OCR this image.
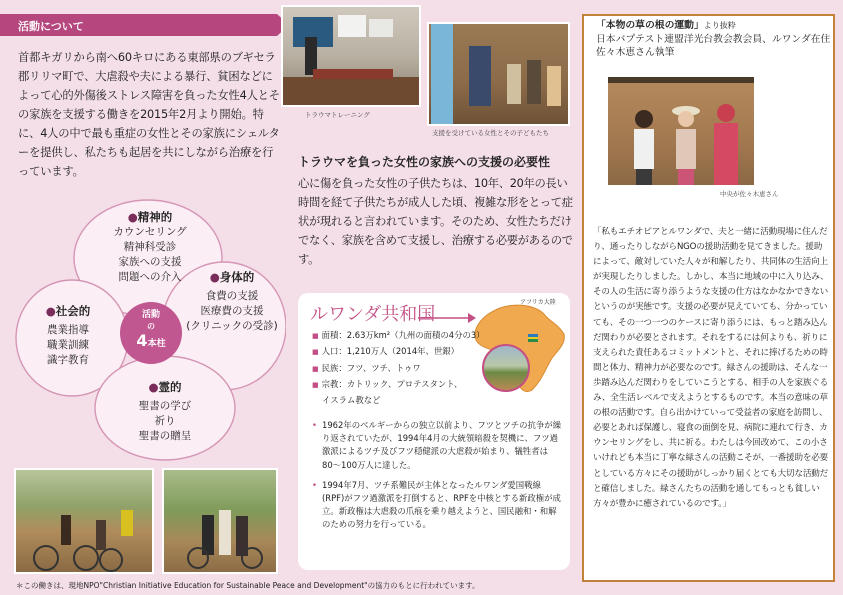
活動について
首都キガリから南へ60キロにある東部県のブギセラ郡リリマ町で、大虐殺や夫による暴行、貧困などによって心的外傷後ストレス障害を負った女性4人とその家族を支援する働きを2015年2月より開始。特に、4人の中で最も重症の女性とその家族にシェルターを提供し、私たちも起居を共にしながら治療を行っています。
活動
の
4本柱
●精神的
カウンセリング
精神科受診
家族への支援
問題への介入	●身体的
食費の支援
医療費の支援
(クリニックの受診)
●社会的
農業指導
職業訓練
識字教育
●霊的
聖書の学び
祈り
聖書の贈呈
トラウマトレーニング
支援を受けている女性とその子どもたち
トラウマを負った女性の家族への支援の必要性
心に傷を負った女性の子供たちは、10年、20年の長い時間を経て子供たちが成人した頃、複雑な形をとって症状が現れると言われています。そのため、女性たちだけでなく、家族を含めて支援し、治療する必要があるのです。
ルワンダ共和国
アフリカ大陸
■ 面積：2.63万km²（九州の面積の4分の3）
■ 人口：1,210万人（2014年、世銀）
■ 民族：フツ、ツチ、トゥワ
■ 宗教：カトリック、プロテスタント、
イスラム教など

• 1962年のベルギーからの独立以前より、フツとツチの抗争が繰り返されていたが、1994年4月の大統領暗殺を契機に、フツ過激派によるツチ及びフツ穏健派の大虐殺が始まり、犠牲者は80〜100万人に達した。

• 1994年7月、ツチ系難民が主体となったルワンダ愛国戦線(RPF)がフツ過激派を打倒すると、RPFを中核とする新政権が成立。新政権は大虐殺の爪痕を乗り越えようと、国民融和・和解のための努力を行っている。

＊この働きは、現地NPO"Christian Initiative Education for Sustainable Peace and Development"の協力のもとに行われています。
「本物の草の根の運動」より抜粋
日本バプテスト連盟洋光台教会教会員、ルワンダ在住
佐々木恵さん執筆
中央が佐々木恵さん
「私もエチオピアとルワンダで、夫と一緒に活動現場に住んだり、通ったりしながらNGOの援助活動を見てきました。援助によって、敵対していた人々が和解したり、共同体の生活向上が実現したりしました。しかし、本当に地域の中に入り込み、その人の生活に寄り添うような支援の仕方はなかなかできないというのが実態です。支援の必要が見えていても、分かっていても、その一つ一つのケースに寄り添うには、もっと踏み込んだ関わりが必要とされます。それをするには何よりも、祈りに支えられた責任あるコミットメントと、それに捧げるための時間と体力、精神力が必要なのです。緑さんの援助は、そんな一歩踏み込んだ関わりをしていこうとする、相手の人を家族ぐるみ、全生活レベルで支えようとするものです。本当の意味の草の根の活動です。自ら出かけていって受益者の家庭を訪問し、必要とあれば保護し、寝食の面倒を見、病院に連れて行き、カウンセリングをし、共に祈る。わたしは今回改めて、この小さいけれども本当に丁寧な緑さんの活動こそが、一番援助を必要としている方々にその援助がしっかり届くとても大切な活動だと確信しました。緑さんたちの活動を通してもっとも貧しい方々が豊かに癒されているのです。」
